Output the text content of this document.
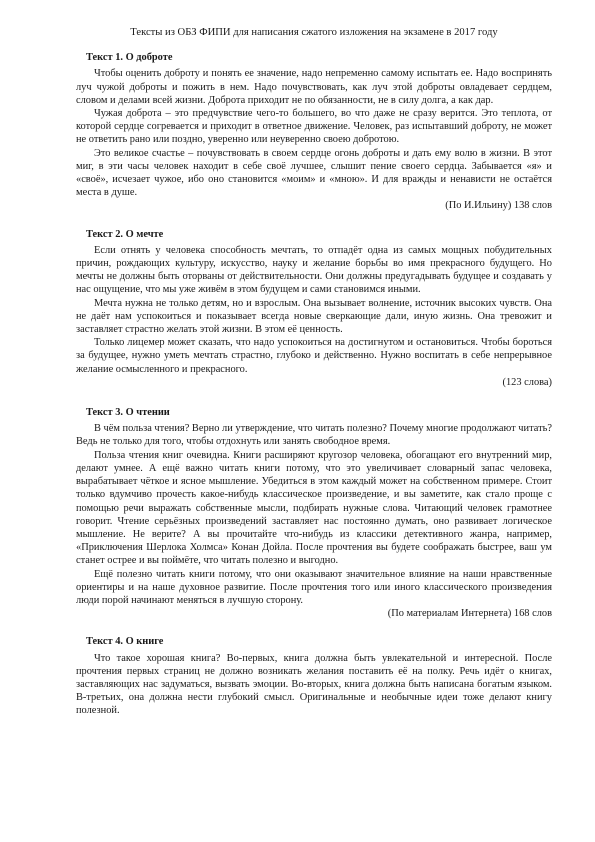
Тексты из ОБЗ ФИПИ для написания сжатого изложения на экзамене в 2017 году

Текст 1. О доброте

Чтобы оценить доброту и понять ее значение, надо непременно самому испытать ее. Надо воспринять луч чужой доброты и пожить в нем. Надо почувствовать, как луч этой доброты овладевает сердцем, словом и делами всей жизни. Доброта приходит не по обязанности, не в силу долга, а как дар.

Чужая доброта – это предчувствие чего-то большего, во что даже не сразу верится. Это теплота, от которой сердце согревается и приходит в ответное движение. Человек, раз испытавший доброту, не может не ответить рано или поздно, уверенно или неуверенно своею добротою.

Это великое счастье – почувствовать в своем сердце огонь доброты и дать ему волю в жизни. В этот миг, в эти часы человек находит в себе своё лучшее, слышит пение своего сердца. Забывается «я» и «своё», исчезает чужое, ибо оно становится «моим» и «мною». И для вражды и ненависти не остаётся места в душе.

(По И.Ильину) 138 слов

Текст 2. О мечте

Если отнять у человека способность мечтать, то отпадёт одна из самых мощных побудительных причин, рождающих культуру, искусство, науку и желание борьбы во имя прекрасного будущего. Но мечты не должны быть оторваны от действительности. Они должны предугадывать будущее и создавать у нас ощущение, что мы уже живём в этом будущем и сами становимся иными.

Мечта нужна не только детям, но и взрослым. Она вызывает волнение, источник высоких чувств. Она не даёт нам успокоиться и показывает всегда новые сверкающие дали, иную жизнь. Она тревожит и заставляет страстно желать этой жизни. В этом её ценность.

Только лицемер может сказать, что надо успокоиться на достигнутом и остановиться. Чтобы бороться за будущее, нужно уметь мечтать страстно, глубоко и действенно. Нужно воспитать в себе непрерывное желание осмысленного и прекрасного.

(123 слова)

Текст 3. О чтении

В чём польза чтения? Верно ли утверждение, что читать полезно? Почему многие продолжают читать? Ведь не только для того, чтобы отдохнуть или занять свободное время.

Польза чтения книг очевидна. Книги расширяют кругозор человека, обогащают его внутренний мир, делают умнее. А ещё важно читать книги потому, что это увеличивает словарный запас человека, вырабатывает чёткое и ясное мышление. Убедиться в этом каждый может на собственном примере. Стоит только вдумчиво прочесть какое-нибудь классическое произведение, и вы заметите, как стало проще с помощью речи выражать собственные мысли, подбирать нужные слова. Читающий человек грамотнее говорит. Чтение серьёзных произведений заставляет нас постоянно думать, оно развивает логическое мышление. Не верите? А вы прочитайте что-нибудь из классики детективного жанра, например, «Приключения Шерлока Холмса» Конан Дойла. После прочтения вы будете соображать быстрее, ваш ум станет острее и вы поймёте, что читать полезно и выгодно.

Ещё полезно читать книги потому, что они оказывают значительное влияние на наши нравственные ориентиры и на наше духовное развитие. После прочтения того или иного классического произведения люди порой начинают меняться в лучшую сторону.

(По материалам Интернета) 168 слов

Текст 4. О книге

Что такое хорошая книга? Во-первых, книга должна быть увлекательной и интересной. После прочтения первых страниц не должно возникать желания поставить её на полку. Речь идёт о книгах, заставляющих нас задуматься, вызвать эмоции. Во-вторых, книга должна быть написана богатым языком. В-третьих, она должна нести глубокий смысл. Оригинальные и необычные идеи тоже делают книгу полезной.
